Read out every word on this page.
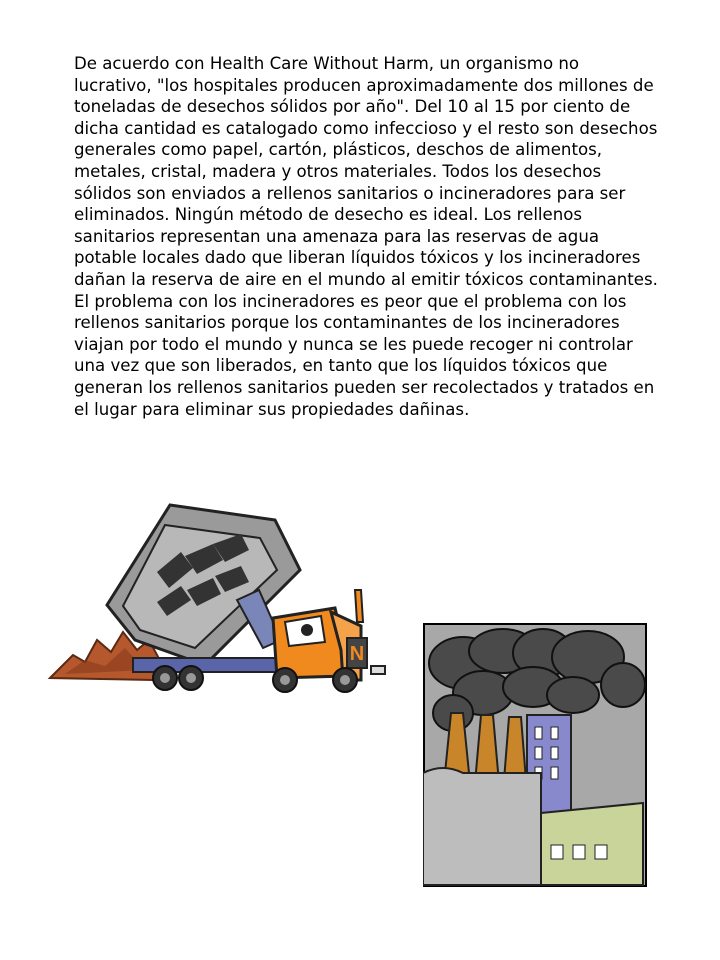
De acuerdo con Health Care Without Harm, un organismo no
lucrativo, "los hospitales producen aproximadamente dos millones de
toneladas de desechos sólidos por año". Del 10 al 15 por ciento de
dicha cantidad es catalogado como infeccioso y el resto son desechos
generales como papel, cartón, plásticos, deschos de alimentos,
metales, cristal, madera y otros materiales. Todos los desechos
sólidos son enviados a rellenos sanitarios o incineradores para ser
eliminados. Ningún método de desecho es ideal. Los rellenos
sanitarios representan una amenaza para las reservas de agua
potable locales dado que liberan líquidos tóxicos y los incineradores
dañan la reserva de aire en el mundo al emitir tóxicos contaminantes.
El problema con los incineradores es peor que el problema con los
rellenos sanitarios porque los contaminantes de los incineradores
viajan por todo el mundo y nunca se les puede recoger ni controlar
una vez que son liberados, en tanto que los líquidos tóxicos que
generan los rellenos sanitarios pueden ser recolectados y tratados en
el lugar para eliminar sus propiedades dañinas.
N
